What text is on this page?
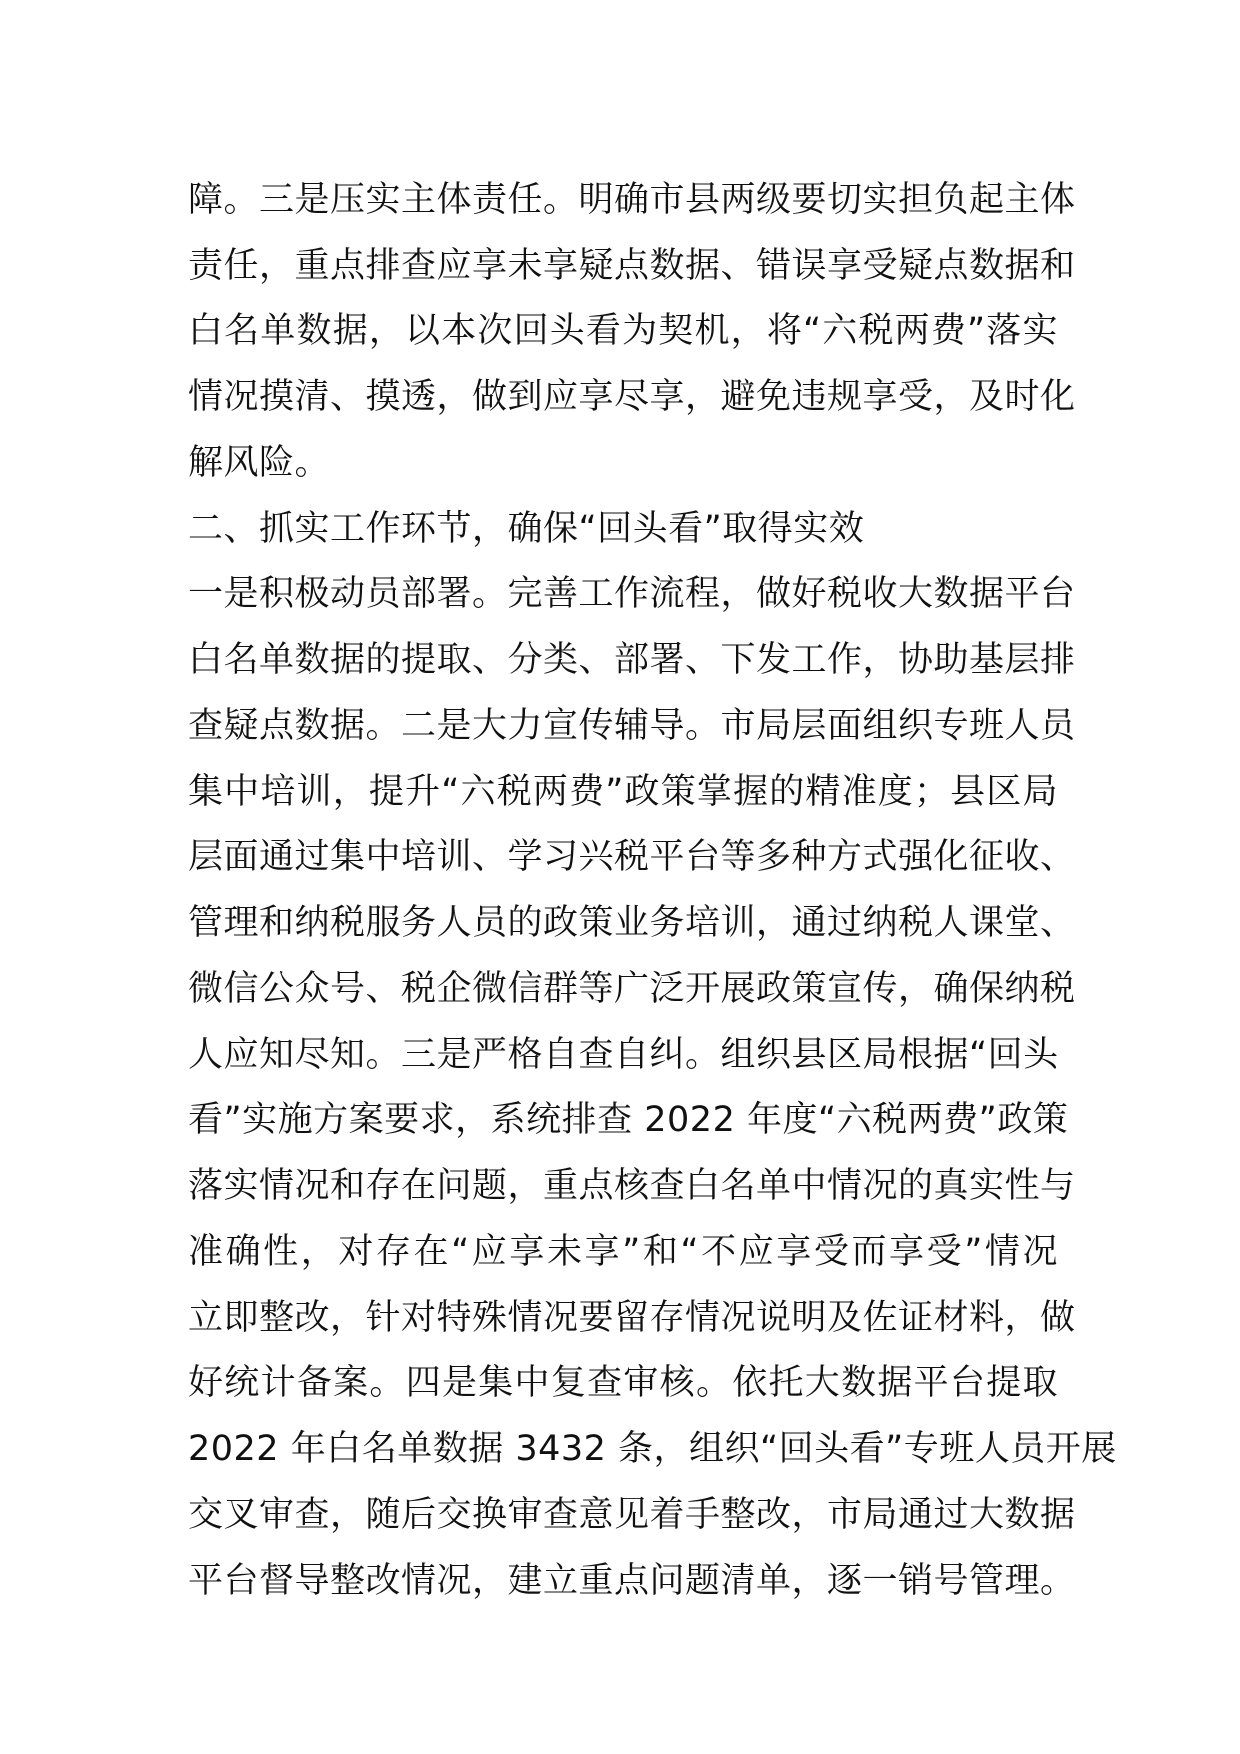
障。三是压实主体责任。明确市县两级要切实担负起主体
责任，重点排查应享未享疑点数据、错误享受疑点数据和
白名单数据，以本次回头看为契机，将“六税两费”落实
情况摸清、摸透，做到应享尽享，避免违规享受，及时化
解风险。
二、抓实工作环节，确保“回头看”取得实效
一是积极动员部署。完善工作流程，做好税收大数据平台
白名单数据的提取、分类、部署、下发工作，协助基层排
查疑点数据。二是大力宣传辅导。市局层面组织专班人员
集中培训，提升“六税两费”政策掌握的精准度；县区局
层面通过集中培训、学习兴税平台等多种方式强化征收、
管理和纳税服务人员的政策业务培训，通过纳税人课堂、
微信公众号、税企微信群等广泛开展政策宣传，确保纳税
人应知尽知。三是严格自查自纠。组织县区局根据“回头
看”实施方案要求，系统排查 2022 年度“六税两费”政策
落实情况和存在问题，重点核查白名单中情况的真实性与
准确性，对存在“应享未享”和“不应享受而享受”情况
立即整改，针对特殊情况要留存情况说明及佐证材料，做
好统计备案。四是集中复查审核。依托大数据平台提取
2022 年白名单数据 3432 条，组织“回头看”专班人员开展
交叉审查，随后交换审查意见着手整改，市局通过大数据
平台督导整改情况，建立重点问题清单，逐一销号管理。
